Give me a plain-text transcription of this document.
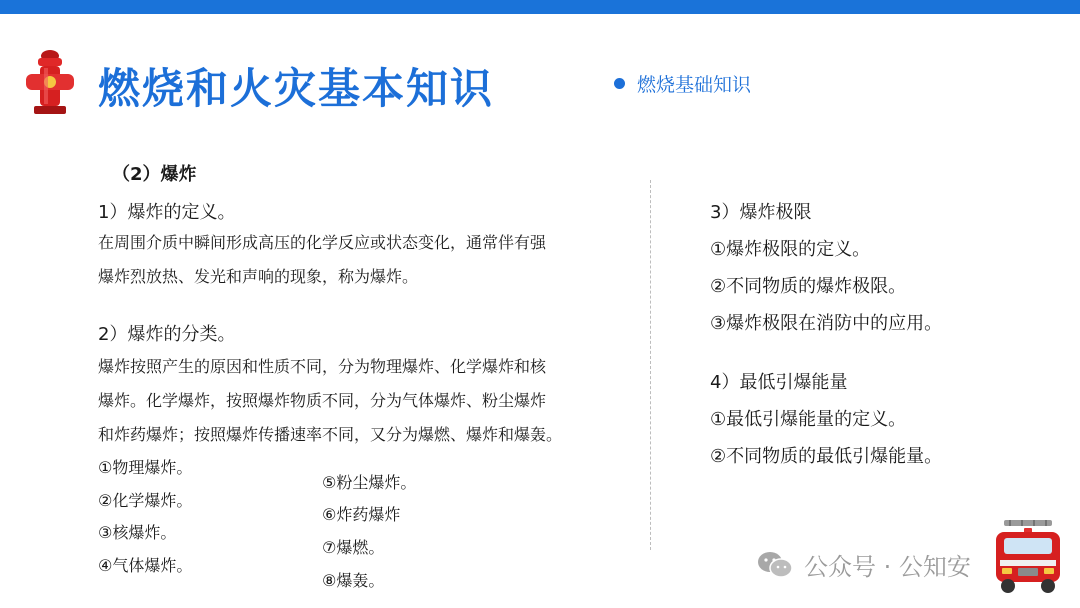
燃烧和火灾基本知识	燃烧基础知识
（2）爆炸
1）爆炸的定义。
在周围介质中瞬间形成高压的化学反应或状态变化，通常伴有强
爆炸烈放热、发光和声响的现象，称为爆炸。
2）爆炸的分类。
爆炸按照产生的原因和性质不同，分为物理爆炸、化学爆炸和核
爆炸。化学爆炸，按照爆炸物质不同，分为气体爆炸、粉尘爆炸
和炸药爆炸；按照爆炸传播速率不同，又分为爆燃、爆炸和爆轰。
①物理爆炸。
②化学爆炸。
③核爆炸。
④气体爆炸。
⑤粉尘爆炸。
⑥炸药爆炸
⑦爆燃。
⑧爆轰。
3）爆炸极限
①爆炸极限的定义。
②不同物质的爆炸极限。
③爆炸极限在消防中的应用。
4）最低引爆能量
①最低引爆能量的定义。
②不同物质的最低引爆能量。
公众号 · 公知安
